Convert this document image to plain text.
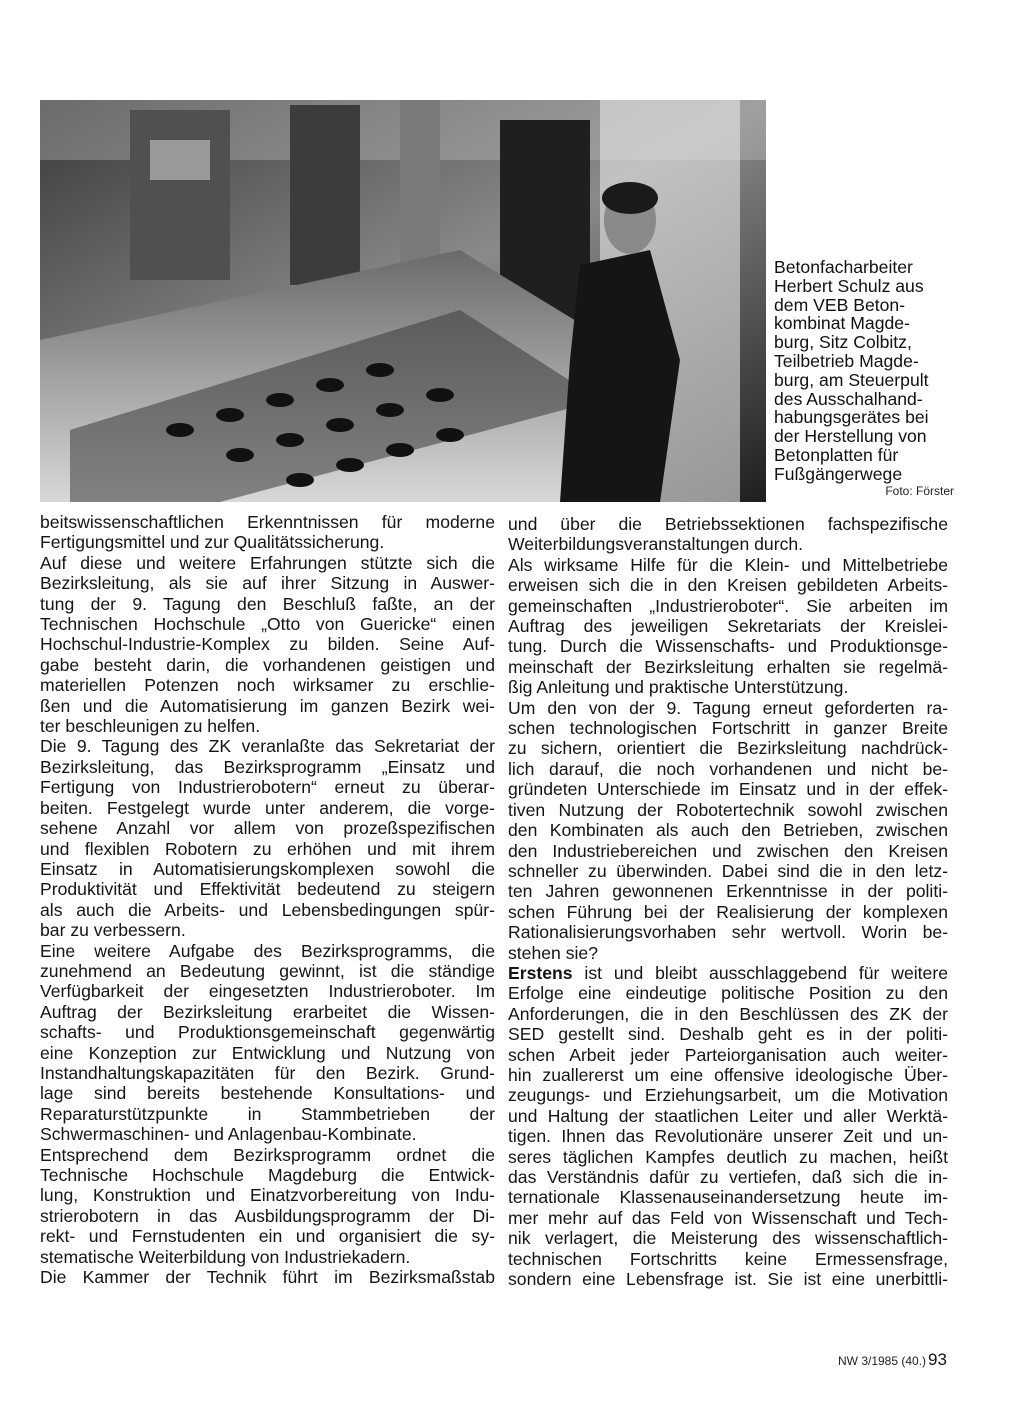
Betonfacharbeiter

Herbert Schulz aus

dem VEB Beton-

kombinat Magde-

burg, Sitz Colbitz,

Teilbetrieb Magde-

burg, am Steuerpult

des Ausschalhand-

habungsgerätes bei

der Herstellung von

Betonplatten für

Fußgängerwege

Foto: Förster

beitswissenschaftlichen Erkenntnissen für moderne

Fertigungsmittel und zur Qualitätssicherung.

Auf diese und weitere Erfahrungen stützte sich die

Bezirksleitung, als sie auf ihrer Sitzung in Auswer-

tung der 9. Tagung den Beschluß faßte, an der

Technischen Hochschule „Otto von Guericke“ einen

Hochschul-Industrie-Komplex zu bilden. Seine Auf-

gabe besteht darin, die vorhandenen geistigen und

materiellen Potenzen noch wirksamer zu erschlie-

ßen und die Automatisierung im ganzen Bezirk wei-

ter beschleunigen zu helfen.

Die 9. Tagung des ZK veranlaßte das Sekretariat der

Bezirksleitung, das Bezirksprogramm „Einsatz und

Fertigung von Industrierobotern“ erneut zu überar-

beiten. Festgelegt wurde unter anderem, die vorge-

sehene Anzahl vor allem von prozeßspezifischen

und flexiblen Robotern zu erhöhen und mit ihrem

Einsatz in Automatisierungskomplexen sowohl die

Produktivität und Effektivität bedeutend zu steigern

als auch die Arbeits- und Lebensbedingungen spür-

bar zu verbessern.

Eine weitere Aufgabe des Bezirksprogramms, die

zunehmend an Bedeutung gewinnt, ist die ständige

Verfügbarkeit der eingesetzten Industrieroboter. Im

Auftrag der Bezirksleitung erarbeitet die Wissen-

schafts- und Produktionsgemeinschaft gegenwärtig

eine Konzeption zur Entwicklung und Nutzung von

Instandhaltungskapazitäten für den Bezirk. Grund-

lage sind bereits bestehende Konsultations- und

Reparaturstützpunkte in Stammbetrieben der

Schwermaschinen- und Anlagenbau-Kombinate.

Entsprechend dem Bezirksprogramm ordnet die

Technische Hochschule Magdeburg die Entwick-

lung, Konstruktion und Einatzvorbereitung von Indu-

strierobotern in das Ausbildungsprogramm der Di-

rekt- und Fernstudenten ein und organisiert die sy-

stematische Weiterbildung von Industriekadern.

Die Kammer der Technik führt im Bezirksmaßstab

und über die Betriebssektionen fachspezifische

Weiterbildungsveranstaltungen durch.

Als wirksame Hilfe für die Klein- und Mittelbetriebe

erweisen sich die in den Kreisen gebildeten Arbeits-

gemeinschaften „Industrieroboter“. Sie arbeiten im

Auftrag des jeweiligen Sekretariats der Kreislei-

tung. Durch die Wissenschafts- und Produktionsge-

meinschaft der Bezirksleitung erhalten sie regelmä-

ßig Anleitung und praktische Unterstützung.

Um den von der 9. Tagung erneut geforderten ra-

schen technologischen Fortschritt in ganzer Breite

zu sichern, orientiert die Bezirksleitung nachdrück-

lich darauf, die noch vorhandenen und nicht be-

gründeten Unterschiede im Einsatz und in der effek-

tiven Nutzung der Robotertechnik sowohl zwischen

den Kombinaten als auch den Betrieben, zwischen

den Industriebereichen und zwischen den Kreisen

schneller zu überwinden. Dabei sind die in den letz-

ten Jahren gewonnenen Erkenntnisse in der politi-

schen Führung bei der Realisierung der komplexen

Rationalisierungsvorhaben sehr wertvoll. Worin be-

stehen sie?

Erstens ist und bleibt ausschlaggebend für weitere

Erfolge eine eindeutige politische Position zu den

Anforderungen, die in den Beschlüssen des ZK der

SED gestellt sind. Deshalb geht es in der politi-

schen Arbeit jeder Parteiorganisation auch weiter-

hin zuallererst um eine offensive ideologische Über-

zeugungs- und Erziehungsarbeit, um die Motivation

und Haltung der staatlichen Leiter und aller Werktä-

tigen. Ihnen das Revolutionäre unserer Zeit und un-

seres täglichen Kampfes deutlich zu machen, heißt

das Verständnis dafür zu vertiefen, daß sich die in-

ternationale Klassenauseinandersetzung heute im-

mer mehr auf das Feld von Wissenschaft und Tech-

nik verlagert, die Meisterung des wissenschaftlich-

technischen Fortschritts keine Ermessensfrage,

sondern eine Lebensfrage ist. Sie ist eine unerbittli-

NW 3/1985 (40.) 93
